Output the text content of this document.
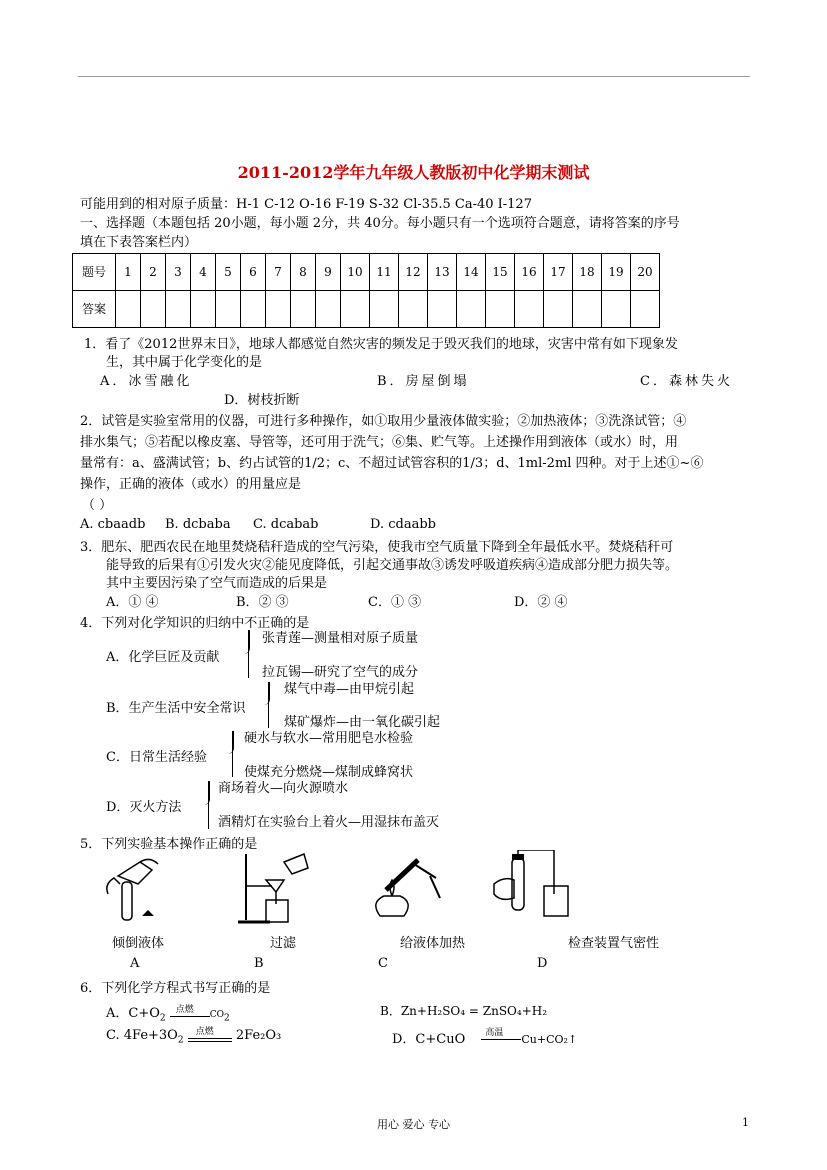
2011-2012学年九年级人教版初中化学期末测试
可能用到的相对原子质量：H-1 C-12 O-16 F-19 S-32 Cl-35.5 Ca-40 I-127
一、选择题（本题包括 20小题，每小题 2分，共 40分。每小题只有一个选项符合题意，请将答案的序号
填在下表答案栏内）
题号	1	2	3	4	5	6	7	8	9	10	11	12	13	14	15	16	17	18	19	20
答案																				
1．看了《2012世界末日》，地球人都感觉自然灾害的频发足于毁灭我们的地球，灾害中常有如下现象发
生，其中属于化学变化的是
A．冰雪融化	B．房屋倒塌	C．森林失火
D．树枝折断
2．试管是实验室常用的仪器，可进行多种操作，如①取用少量液体做实验；②加热液体；③洗涤试管；④
排水集气；⑤若配以橡皮塞、导管等，还可用于洗气；⑥集、贮气等。上述操作用到液体（或水）时，用
量常有：a、盛满试管；b、约占试管的1/2；c、不超过试管容积的1/3；d、1ml-2ml 四种。对于上述①~⑥
操作，正确的液体（或水）的用量应是
（ ）
A. cbaadb B. dcbaba C. dcabab	D. cdaabb
3．肥东、肥西农民在地里焚烧秸秆造成的空气污染，使我市空气质量下降到全年最低水平。焚烧秸秆可
能导致的后果有①引发火灾②能见度降低，引起交通事故③诱发呼吸道疾病④造成部分肥力损失等。
其中主要因污染了空气而造成的后果是
A．① ④	B．② ③	C．① ③	D．② ④
4．下列对化学知识的归纳中不正确的是
A．化学巨匠及贡献
张青莲—测量相对原子质量
拉瓦锡—研究了空气的成分
B．生产生活中安全常识
煤气中毒—由甲烷引起
煤矿爆炸—由一氧化碳引起
C．日常生活经验
硬水与软水—常用肥皂水检验
使煤充分燃烧—煤制成蜂窝状
D．灭火方法
商场着火—向火源喷水
酒精灯在实验台上着火—用湿抹布盖灭
5．下列实验基本操作正确的是
倾倒液体	过滤	给液体加热	检查装置气密性
A	B	C	D
6．下列化学方程式书写正确的是
A．$C+O_2$
点燃
$CO_2$
B．Zn+H₂SO₄ = ZnSO₄+H₂
C. $4Fe+3O_2$
点燃 2Fe₂O₃	D．C+CuO 高温 Cu+CO₂↑
用心 爱心 专心	1
